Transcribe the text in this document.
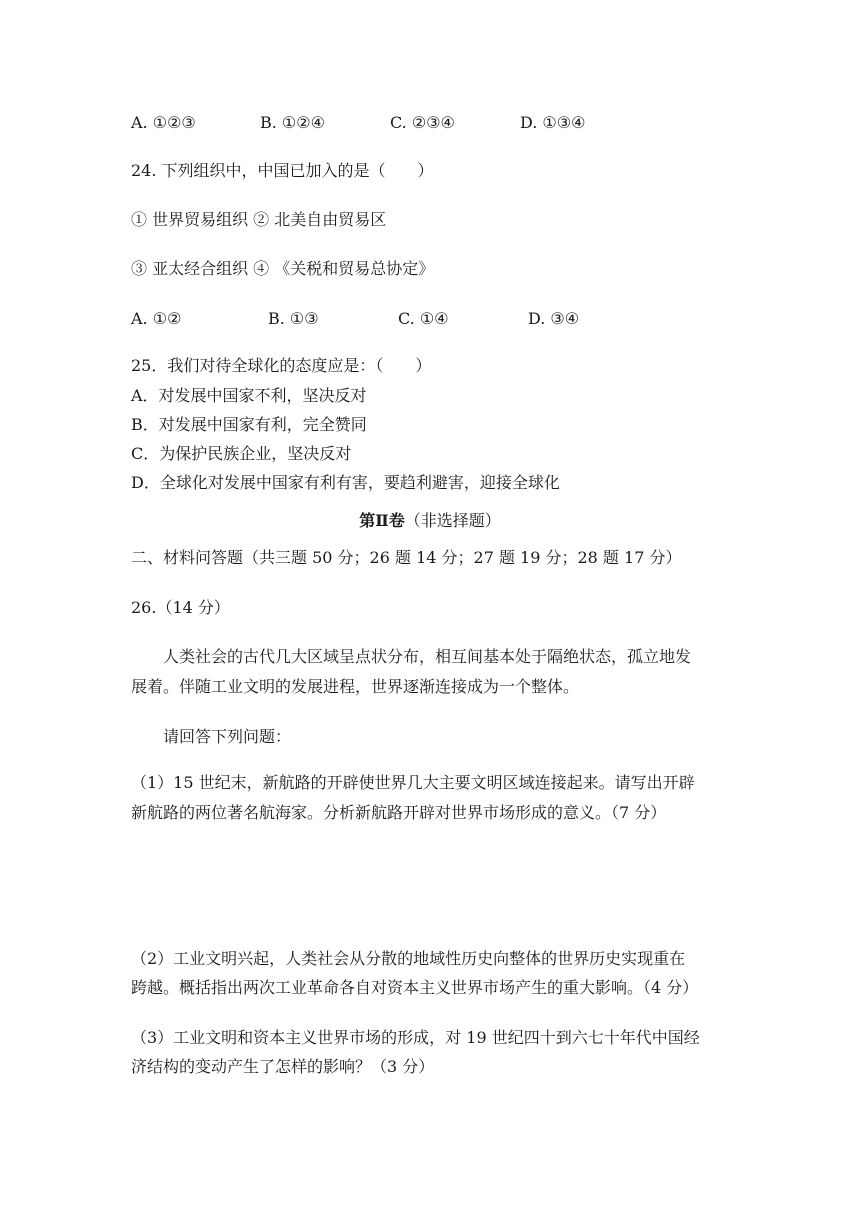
A. ①②③	B. ①②④	C. ②③④	D. ①③④
24. 下列组织中，中国已加入的是（　　）
① 世界贸易组织 ② 北美自由贸易区
③ 亚太经合组织 ④ 《关税和贸易总协定》
A. ①②	B. ①③	C. ①④	D. ③④
25．我们对待全球化的态度应是：（　　）
A．对发展中国家不利，坚决反对
B．对发展中国家有利，完全赞同
C．为保护民族企业，坚决反对
D．全球化对发展中国家有利有害，要趋利避害，迎接全球化
第Ⅱ卷（非选择题）
二、材料问答题（共三题 50 分；26 题 14 分；27 题 19 分；28 题 17 分）
26.（14 分）
人类社会的古代几大区域呈点状分布，相互间基本处于隔绝状态，孤立地发
展着。伴随工业文明的发展进程，世界逐渐连接成为一个整体。
请回答下列问题：
（1）15 世纪末，新航路的开辟使世界几大主要文明区域连接起来。请写出开辟
新航路的两位著名航海家。分析新航路开辟对世界市场形成的意义。（7 分）
（2）工业文明兴起，人类社会从分散的地域性历史向整体的世界历史实现重在
跨越。概括指出两次工业革命各自对资本主义世界市场产生的重大影响。（4 分）
（3）工业文明和资本主义世界市场的形成，对 19 世纪四十到六七十年代中国经
济结构的变动产生了怎样的影响？（3 分）
